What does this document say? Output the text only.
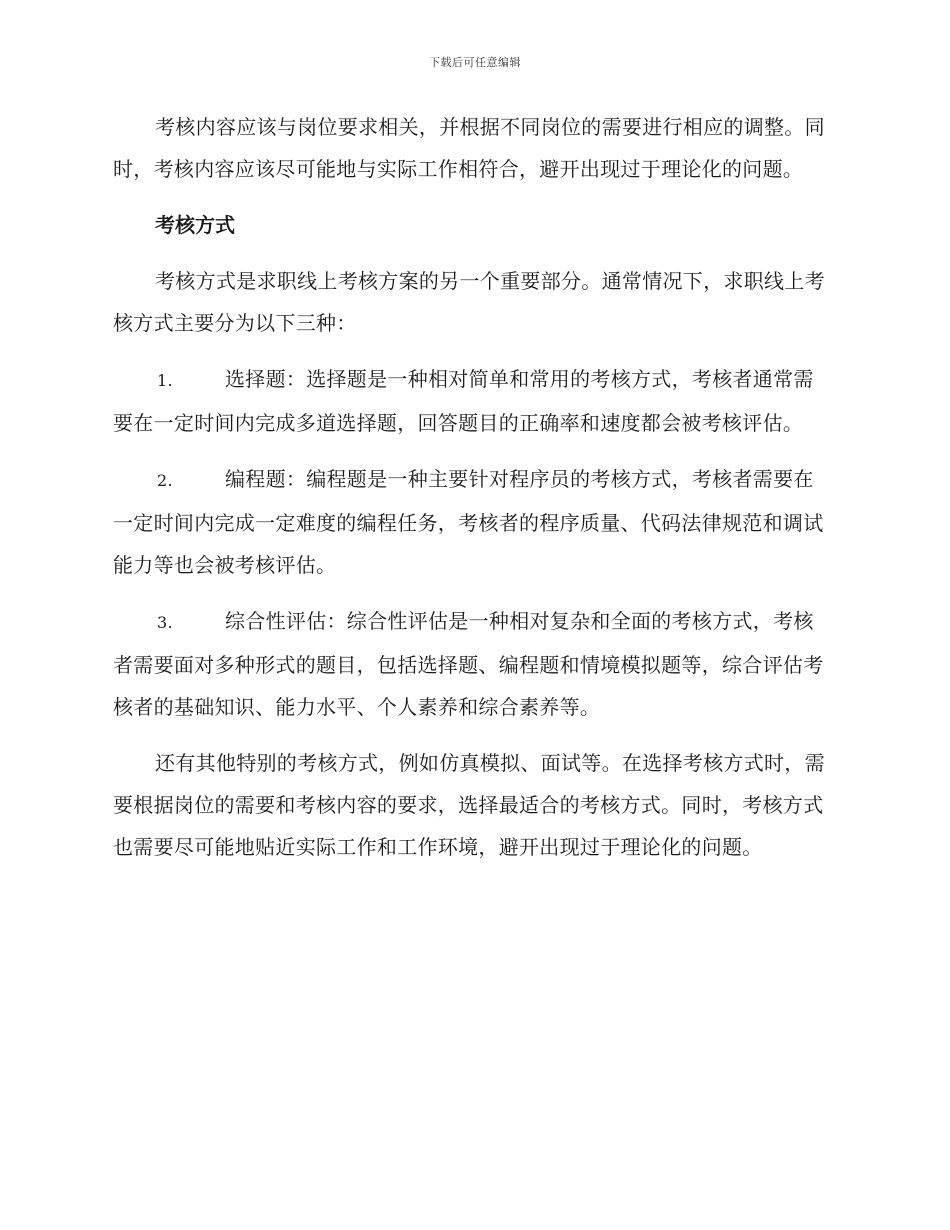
下载后可任意编辑

考核内容应该与岗位要求相关，并根据不同岗位的需要进行相应的调整。同时，考核内容应该尽可能地与实际工作相符合，避开出现过于理论化的问题。

考核方式

考核方式是求职线上考核方案的另一个重要部分。通常情况下，求职线上考核方式主要分为以下三种：

1.	选择题：选择题是一种相对简单和常用的考核方式，考核者通常需要在一定时间内完成多道选择题，回答题目的正确率和速度都会被考核评估。

2.	编程题：编程题是一种主要针对程序员的考核方式，考核者需要在一定时间内完成一定难度的编程任务，考核者的程序质量、代码法律规范和调试能力等也会被考核评估。

3.	综合性评估：综合性评估是一种相对复杂和全面的考核方式，考核者需要面对多种形式的题目，包括选择题、编程题和情境模拟题等，综合评估考核者的基础知识、能力水平、个人素养和综合素养等。

还有其他特别的考核方式，例如仿真模拟、面试等。在选择考核方式时，需要根据岗位的需要和考核内容的要求，选择最适合的考核方式。同时，考核方式也需要尽可能地贴近实际工作和工作环境，避开出现过于理论化的问题。
